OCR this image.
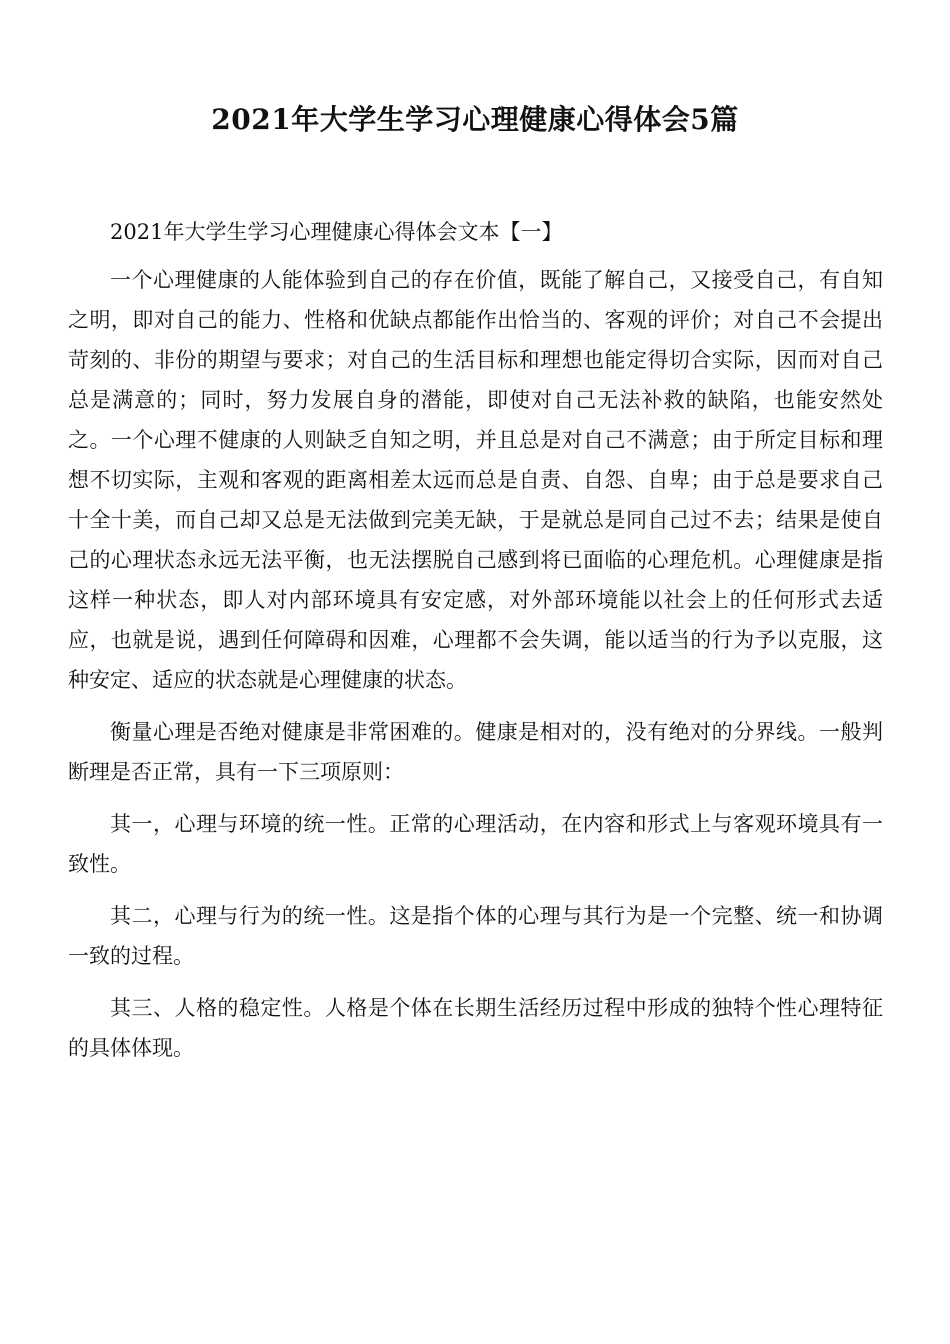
2021年大学生学习心理健康心得体会5篇

2021年大学生学习心理健康心得体会文本【一】

一个心理健康的人能体验到自己的存在价值，既能了解自己，又接受自己，有自知之明，即对自己的能力、性格和优缺点都能作出恰当的、客观的评价；对自己不会提出苛刻的、非份的期望与要求；对自己的生活目标和理想也能定得切合实际，因而对自己总是满意的；同时，努力发展自身的潜能，即使对自己无法补救的缺陷，也能安然处之。一个心理不健康的人则缺乏自知之明，并且总是对自己不满意；由于所定目标和理想不切实际，主观和客观的距离相差太远而总是自责、自怨、自卑；由于总是要求自己十全十美，而自己却又总是无法做到完美无缺，于是就总是同自己过不去；结果是使自己的心理状态永远无法平衡，也无法摆脱自己感到将已面临的心理危机。心理健康是指这样一种状态，即人对内部环境具有安定感，对外部环境能以社会上的任何形式去适应，也就是说，遇到任何障碍和因难，心理都不会失调，能以适当的行为予以克服，这种安定、适应的状态就是心理健康的状态。

衡量心理是否绝对健康是非常困难的。健康是相对的，没有绝对的分界线。一般判断理是否正常，具有一下三项原则：

其一，心理与环境的统一性。正常的心理活动，在内容和形式上与客观环境具有一致性。

其二，心理与行为的统一性。这是指个体的心理与其行为是一个完整、统一和协调一致的过程。

其三、人格的稳定性。人格是个体在长期生活经历过程中形成的独特个性心理特征的具体体现。
